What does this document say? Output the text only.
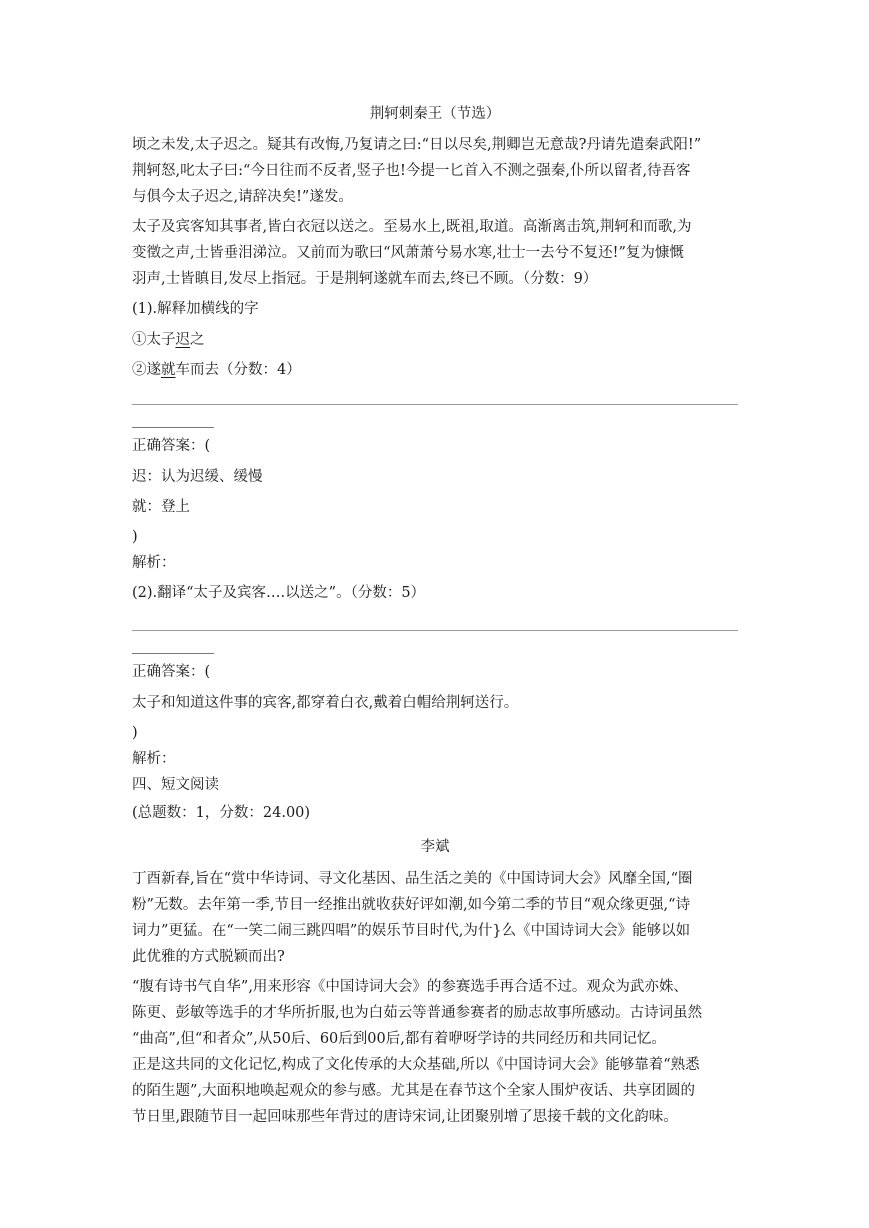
荆轲刺秦王（节选）
顷之未发,太子迟之。疑其有改悔,乃复请之曰:“日以尽矣,荆卿岂无意哉?丹请先遣秦武阳!”
荆轲怒,叱太子曰:“今日往而不反者,竖子也!今提一匕首入不测之强秦,仆所以留者,待吾客
与俱今太子迟之,请辞决矣!”遂发。
太子及宾客知其事者,皆白衣冠以送之。至易水上,既祖,取道。高渐离击筑,荆轲和而歌,为
变徵之声,士皆垂泪涕泣。又前而为歌曰“风萧萧兮易水寒,壮士一去兮不复还!”复为慷慨
羽声,士皆瞋目,发尽上指冠。于是荆轲遂就车而去,终已不顾。（分数：9）
(1).解释加横线的字
①太子迟之
②遂就车而去（分数：4）
正确答案：(
迟：认为迟缓、缓慢
就：登上
)
解析：
(2).翻译“太子及宾客….以送之”。（分数：5）
正确答案：(
太子和知道这件事的宾客,都穿着白衣,戴着白帽给荆轲送行。
)
解析：
四、短文阅读
(总题数：1，分数：24.00)
李斌
丁酉新春,旨在“赏中华诗词、寻文化基因、品生活之美的《中国诗词大会》风靡全国,“圈
粉”无数。去年第一季,节目一经推出就收获好评如潮,如今第二季的节目“观众缘更强,“诗
词力”更猛。在“一笑二闹三跳四唱”的娱乐节目时代,为什}么《中国诗词大会》能够以如
此优雅的方式脱颖而出?
“腹有诗书气自华”,用来形容《中国诗词大会》的参赛选手再合适不过。观众为武亦姝、
陈更、彭敏等选手的才华所折服,也为白茹云等普通参赛者的励志故事所感动。古诗词虽然
“曲高”,但“和者众”,从50后、60后到00后,都有着咿呀学诗的共同经历和共同记忆。
正是这共同的文化记忆,构成了文化传承的大众基础,所以《中国诗词大会》能够靠着“熟悉
的陌生题”,大面积地唤起观众的参与感。尤其是在春节这个全家人围炉夜话、共享团圆的
节日里,跟随节目一起回味那些年背过的唐诗宋词,让团聚别增了思接千载的文化韵味。
